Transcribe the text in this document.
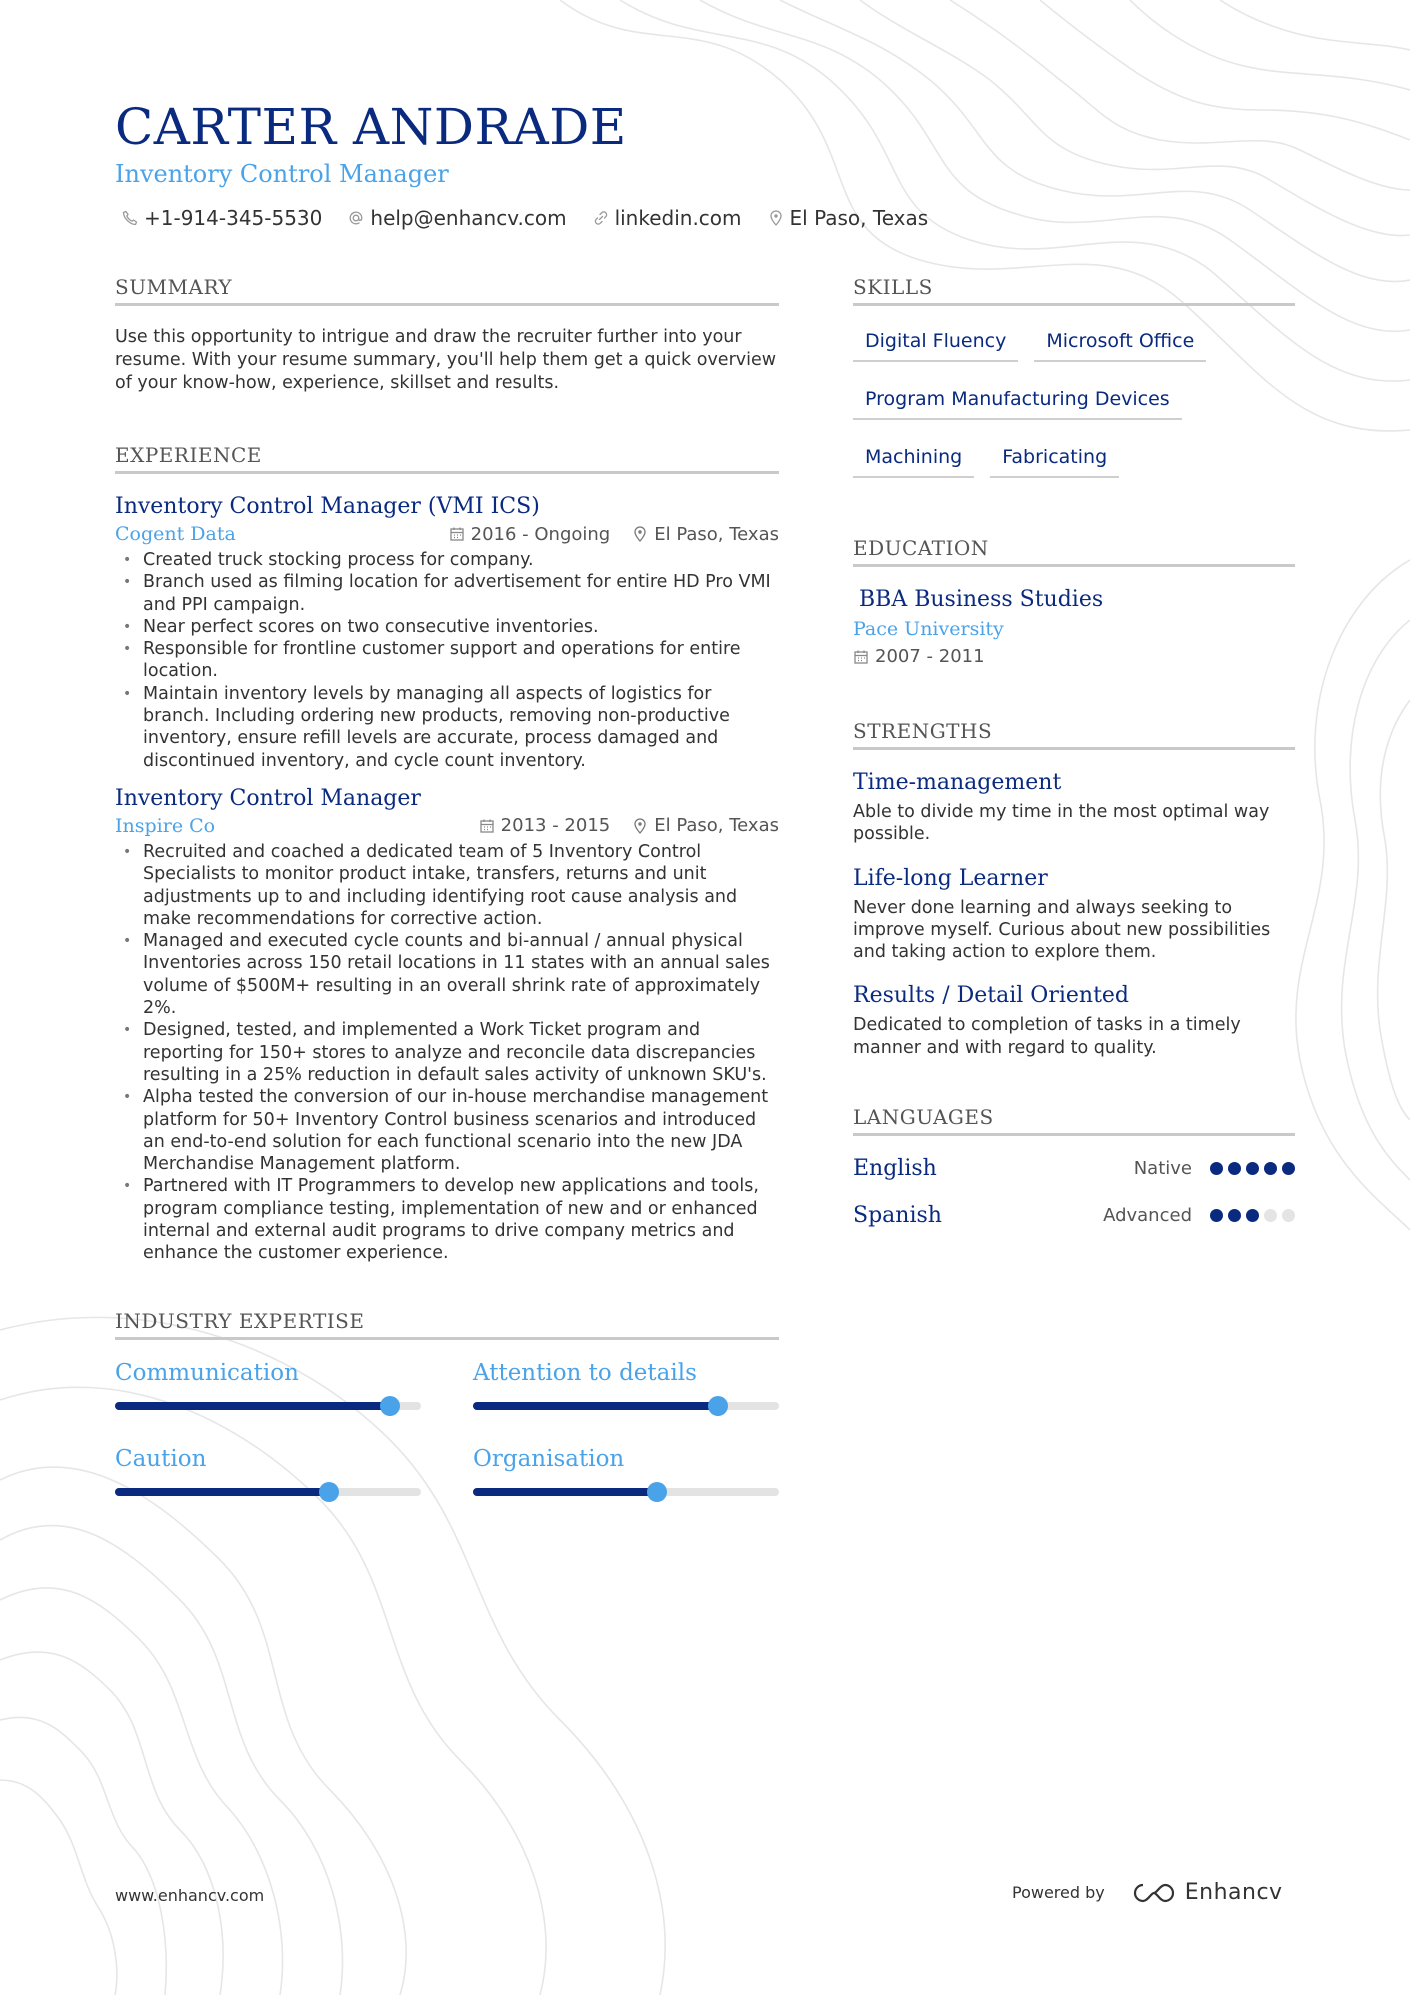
CARTER ANDRADE
Inventory Control Manager
+1-914-345-5530 help@enhancv.com linkedin.com El Paso, Texas
SUMMARY

Use this opportunity to intrigue and draw the recruiter further into your resume. With your resume summary, you'll help them get a quick overview of your know-how, experience, skillset and results.

EXPERIENCE
Inventory Control Manager (VMI ICS)
Cogent Data	2016 - Ongoing El Paso, Texas
• Created truck stocking process for company.
• Branch used as filming location for advertisement for entire HD Pro VMI and PPI campaign.
• Near perfect scores on two consecutive inventories.
• Responsible for frontline customer support and operations for entire location.
• Maintain inventory levels by managing all aspects of logistics for branch. Including ordering new products, removing non-productive inventory, ensure refill levels are accurate, process damaged and discontinued inventory, and cycle count inventory.
Inventory Control Manager
Inspire Co	2013 - 2015 El Paso, Texas
• Recruited and coached a dedicated team of 5 Inventory Control Specialists to monitor product intake, transfers, returns and unit adjustments up to and including identifying root cause analysis and make recommendations for corrective action.
• Managed and executed cycle counts and bi-annual / annual physical Inventories across 150 retail locations in 11 states with an annual sales volume of $500M+ resulting in an overall shrink rate of approximately 2%.
• Designed, tested, and implemented a Work Ticket program and reporting for 150+ stores to analyze and reconcile data discrepancies resulting in a 25% reduction in default sales activity of unknown SKU's.
• Alpha tested the conversion of our in-house merchandise management platform for 50+ Inventory Control business scenarios and introduced an end-to-end solution for each functional scenario into the new JDA Merchandise Management platform.
• Partnered with IT Programmers to develop new applications and tools, program compliance testing, implementation of new and or enhanced internal and external audit programs to drive company metrics and enhance the customer experience.
INDUSTRY EXPERTISE
Communication	Attention to details
Caution	Organisation
SKILLS
Digital Fluency	Microsoft Office
Program Manufacturing Devices
Machining	Fabricating
EDUCATION
BBA Business Studies
Pace University
2007 - 2011
STRENGTHS
Time-management
Able to divide my time in the most optimal way possible.
Life-long Learner
Never done learning and always seeking to improve myself. Curious about new possibilities and taking action to explore them.
Results / Detail Oriented
Dedicated to completion of tasks in a timely manner and with regard to quality.
LANGUAGES
English	Native
Spanish	Advanced
www.enhancv.com	Powered by	Enhancv
